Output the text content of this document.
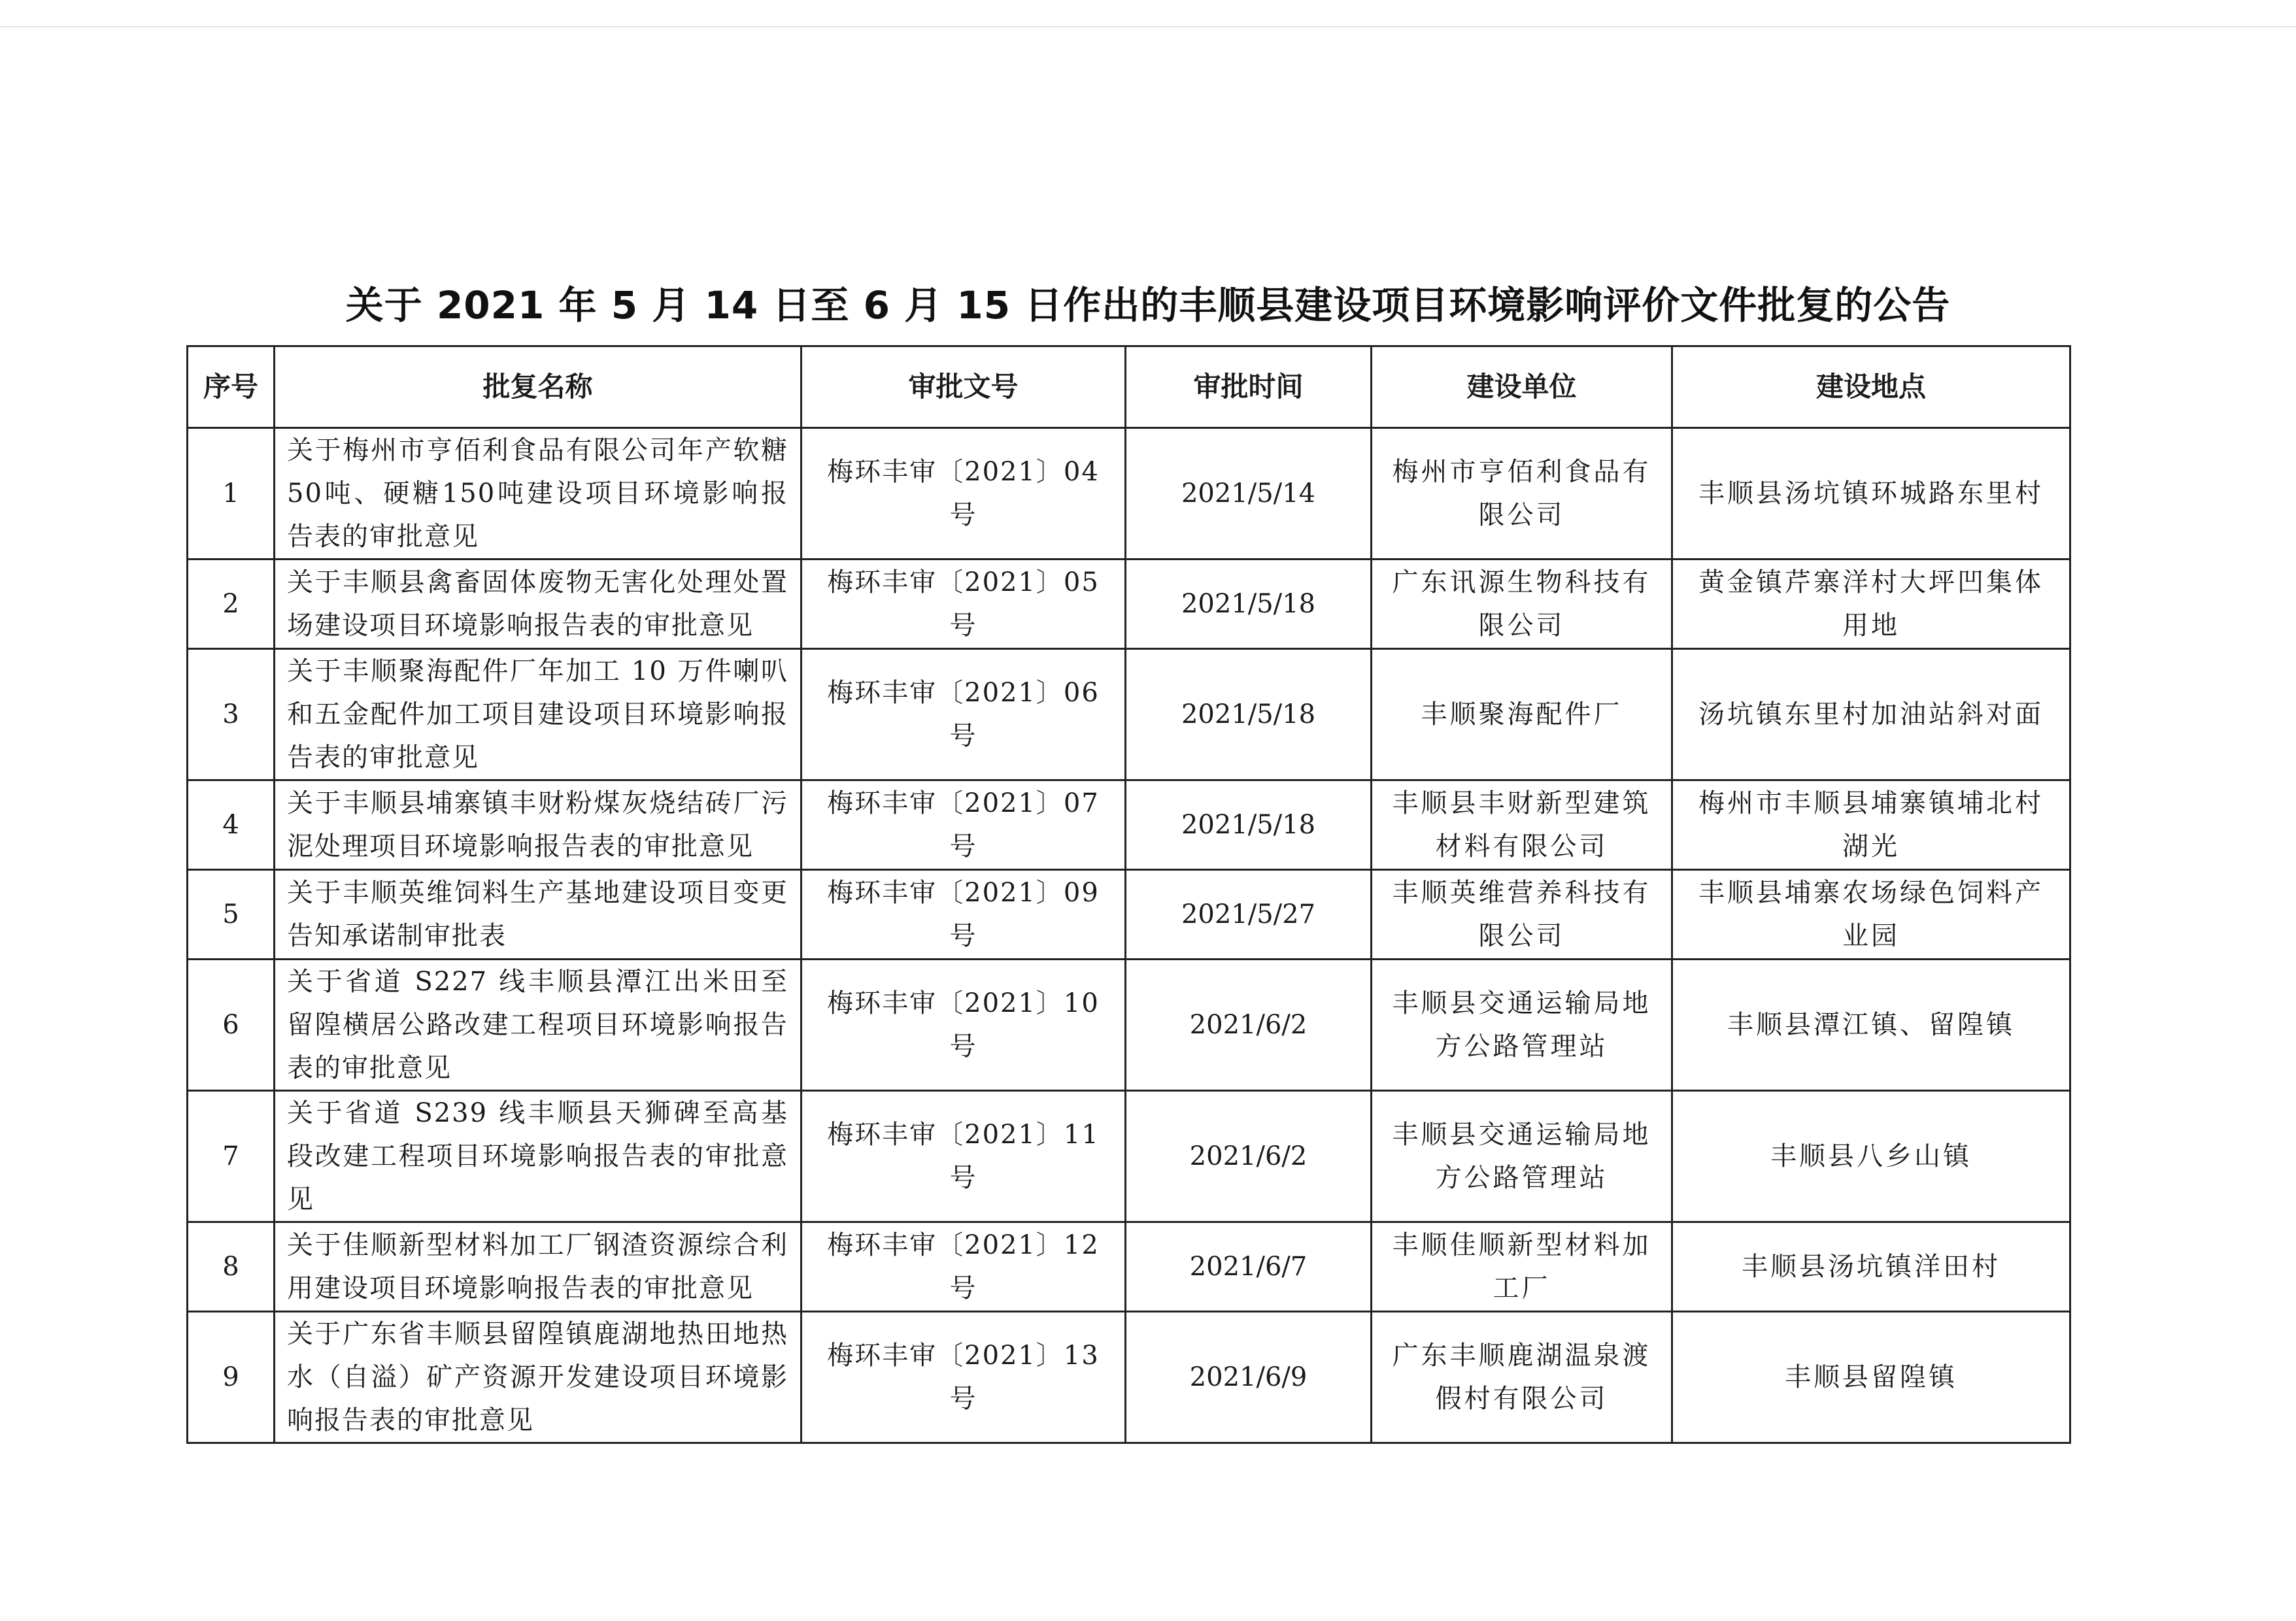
关于 2021 年 5 月 14 日至 6 月 15 日作出的丰顺县建设项目环境影响评价文件批复的公告
序号	批复名称	审批文号	审批时间	建设单位	建设地点
1	关于梅州市亨佰利食品有限公司年产软糖50吨、硬糖150吨建设项目环境影响报告表的审批意见	梅环丰审〔2021〕04 号	2021/5/14	梅州市亨佰利食品有限公司	丰顺县汤坑镇环城路东里村
2	关于丰顺县禽畜固体废物无害化处理处置场建设项目环境影响报告表的审批意见	梅环丰审〔2021〕05 号	2021/5/18	广东讯源生物科技有限公司	黄金镇芹寨洋村大坪凹集体用地
3	关于丰顺聚海配件厂年加工 10 万件喇叭和五金配件加工项目建设项目环境影响报告表的审批意见	梅环丰审〔2021〕06 号	2021/5/18	丰顺聚海配件厂	汤坑镇东里村加油站斜对面
4	关于丰顺县埔寨镇丰财粉煤灰烧结砖厂污泥处理项目环境影响报告表的审批意见	梅环丰审〔2021〕07 号	2021/5/18	丰顺县丰财新型建筑材料有限公司	梅州市丰顺县埔寨镇埔北村湖光
5	关于丰顺英维饲料生产基地建设项目变更告知承诺制审批表	梅环丰审〔2021〕09 号	2021/5/27	丰顺英维营养科技有限公司	丰顺县埔寨农场绿色饲料产业园
6	关于省道 S227 线丰顺县潭江出米田至留隍横居公路改建工程项目环境影响报告表的审批意见	梅环丰审〔2021〕10 号	2021/6/2	丰顺县交通运输局地方公路管理站	丰顺县潭江镇、留隍镇
7	关于省道 S239 线丰顺县天狮碑至高基段改建工程项目环境影响报告表的审批意见	梅环丰审〔2021〕11 号	2021/6/2	丰顺县交通运输局地方公路管理站	丰顺县八乡山镇
8	关于佳顺新型材料加工厂钢渣资源综合利用建设项目环境影响报告表的审批意见	梅环丰审〔2021〕12 号	2021/6/7	丰顺佳顺新型材料加工厂	丰顺县汤坑镇洋田村
9	关于广东省丰顺县留隍镇鹿湖地热田地热水（自溢）矿产资源开发建设项目环境影响报告表的审批意见	梅环丰审〔2021〕13 号	2021/6/9	广东丰顺鹿湖温泉渡假村有限公司	丰顺县留隍镇
